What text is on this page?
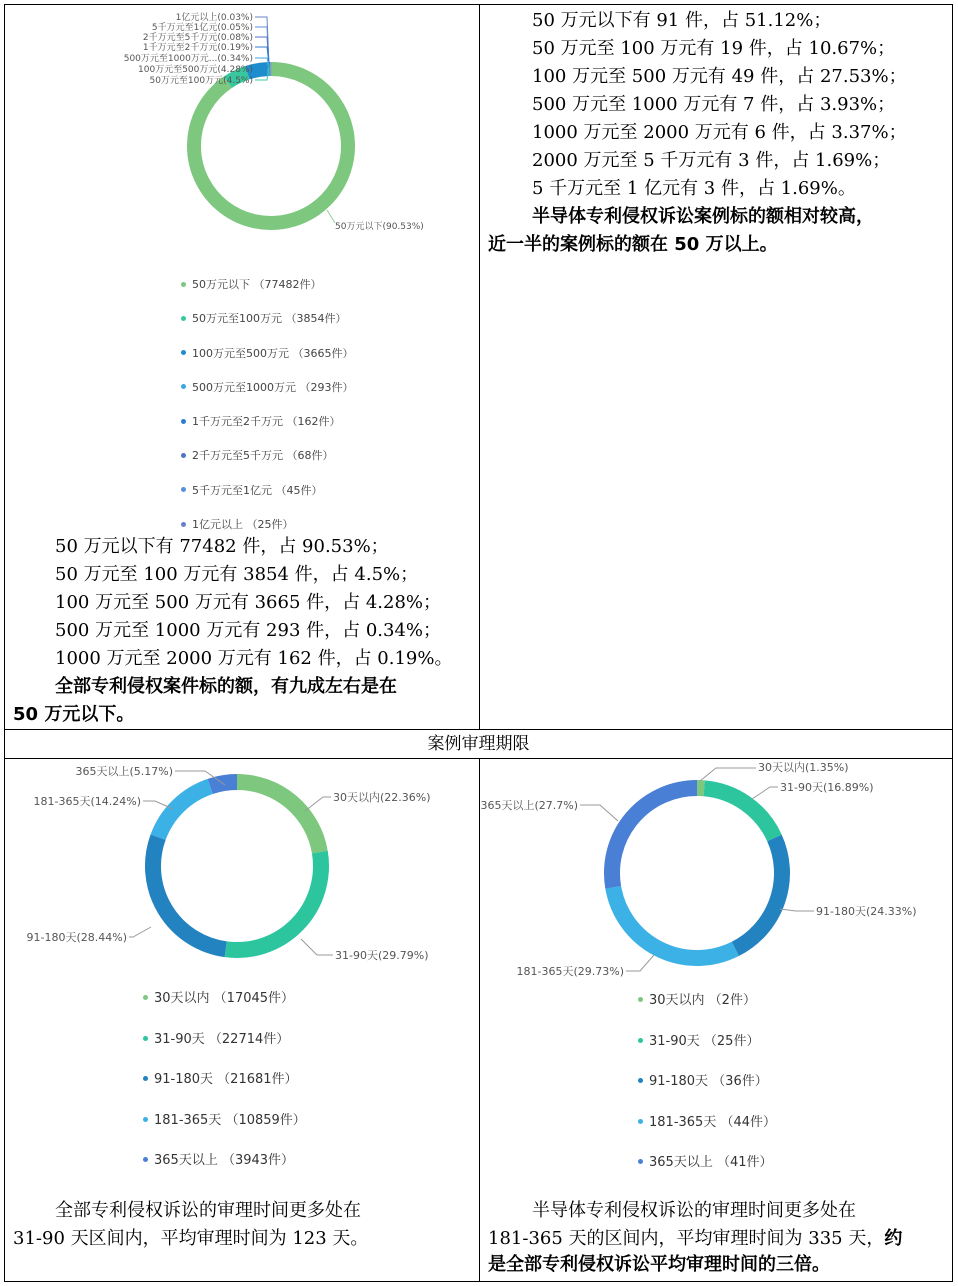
50万元以下(90.53%)
1亿元以上(0.03%)
5千万元至1亿元(0.05%)
2千万元至5千万元(0.08%)
1千万元至2千万元(0.19%)
500万元至1000万元...(0.34%)
100万元至500万元(4.28%)
50万元至100万元(4.5%)
50万元以下 （77482件）
50万元至100万元 （3854件）
100万元至500万元 （3665件）
500万元至1000万元 （293件）
1千万元至2千万元 （162件）
2千万元至5千万元 （68件）
5千万元至1亿元 （45件）
1亿元以上 （25件）
50 万元以下有 77482 件，占 90.53%；
50 万元至 100 万元有 3854 件，占 4.5%；
100 万元至 500 万元有 3665 件，占 4.28%；
500 万元至 1000 万元有 293 件，占 0.34%；
1000 万元至 2000 万元有 162 件，占 0.19%。
全部专利侵权案件标的额，有九成左右是在
50 万元以下。
50 万元以下有 91 件，占 51.12%；
50 万元至 100 万元有 19 件，占 10.67%；
100 万元至 500 万元有 49 件，占 27.53%；
500 万元至 1000 万元有 7 件，占 3.93%；
1000 万元至 2000 万元有 6 件，占 3.37%；
2000 万元至 5 千万元有 3 件，占 1.69%；
5 千万元至 1 亿元有 3 件，占 1.69%。
半导体专利侵权诉讼案例标的额相对较高，
近一半的案例标的额在 50 万以上。
案例审理期限
30天以内(22.36%)
31-90天(29.79%)
91-180天(28.44%)
181-365天(14.24%)
365天以上(5.17%)
30天以内 （17045件）
31-90天 （22714件）
91-180天 （21681件）
181-365天 （10859件）
365天以上 （3943件）
全部专利侵权诉讼的审理时间更多处在
31-90 天区间内，平均审理时间为 123 天。
30天以内(1.35%)
31-90天(16.89%)
91-180天(24.33%)
181-365天(29.73%)
365天以上(27.7%)
30天以内 （2件）
31-90天 （25件）
91-180天 （36件）
181-365天 （44件）
365天以上 （41件）
半导体专利侵权诉讼的审理时间更多处在
181-365 天的区间内，平均审理时间为 335 天，约
是全部专利侵权诉讼平均审理时间的三倍。
